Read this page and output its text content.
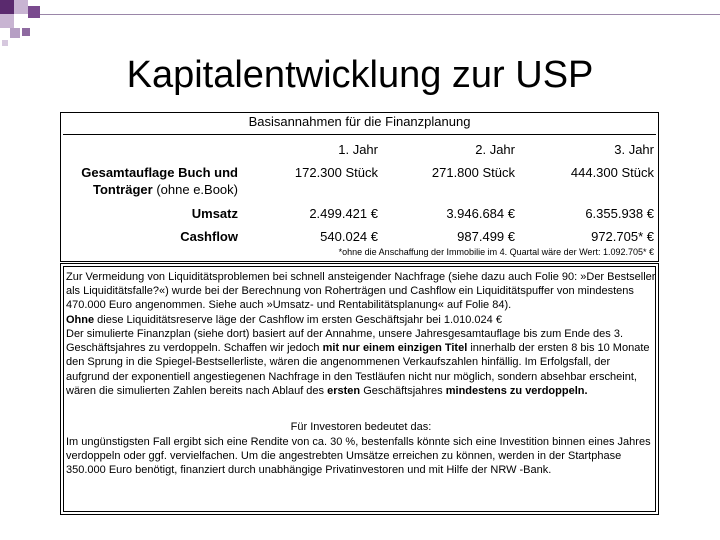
Kapitalentwicklung zur USP
Basisannahmen für die Finanzplanung
1. Jahr	2. Jahr	3. Jahr
Gesamtauflage Buch und
Tonträger (ohne e.Book)
172.300 Stück	271.800 Stück	444.300 Stück
Umsatz	2.499.421 €	3.946.684 €	6.355.938 €
Cashflow	540.024 €	987.499 €	972.705* €
*ohne die Anschaffung der Immobilie im 4. Quartal wäre der Wert: 1.092.705* €
Zur Vermeidung von Liquiditätsproblemen bei schnell ansteigender Nachfrage (siehe dazu auch Folie 90: »Der Bestseller als Liquiditätsfalle?«) wurde bei der Berechnung von Roherträgen und Cashflow ein Liquiditätspuffer von mindestens 470.000 Euro angenommen. Siehe auch »Umsatz- und Rentabilitätsplanung« auf Folie 84).
Ohne diese Liquiditätsreserve läge der Cashflow im ersten Geschäftsjahr bei 1.010.024 €
Der simulierte Finanzplan (siehe dort) basiert auf der Annahme, unsere Jahresgesamtauflage bis zum Ende des 3. Geschäftsjahres zu verdoppeln. Schaffen wir jedoch mit nur einem einzigen Titel innerhalb der ersten 8 bis 10 Monate den Sprung in die Spiegel-Bestsellerliste, wären die angenommenen Verkaufszahlen hinfällig. Im Erfolgsfall, der aufgrund der exponentiell angestiegenen Nachfrage in den Testläufen nicht nur möglich, sondern absehbar erscheint, wären die simulierten Zahlen bereits nach Ablauf des ersten Geschäftsjahres mindestens zu verdoppeln.
Für Investoren bedeutet das:
Im ungünstigsten Fall ergibt sich eine Rendite von ca. 30 %, bestenfalls könnte sich eine Investition binnen eines Jahres verdoppeln oder ggf. vervielfachen. Um die angestrebten Umsätze erreichen zu können, werden in der Startphase 350.000 Euro benötigt, finanziert durch unabhängige Privatinvestoren und mit Hilfe der NRW -Bank.
